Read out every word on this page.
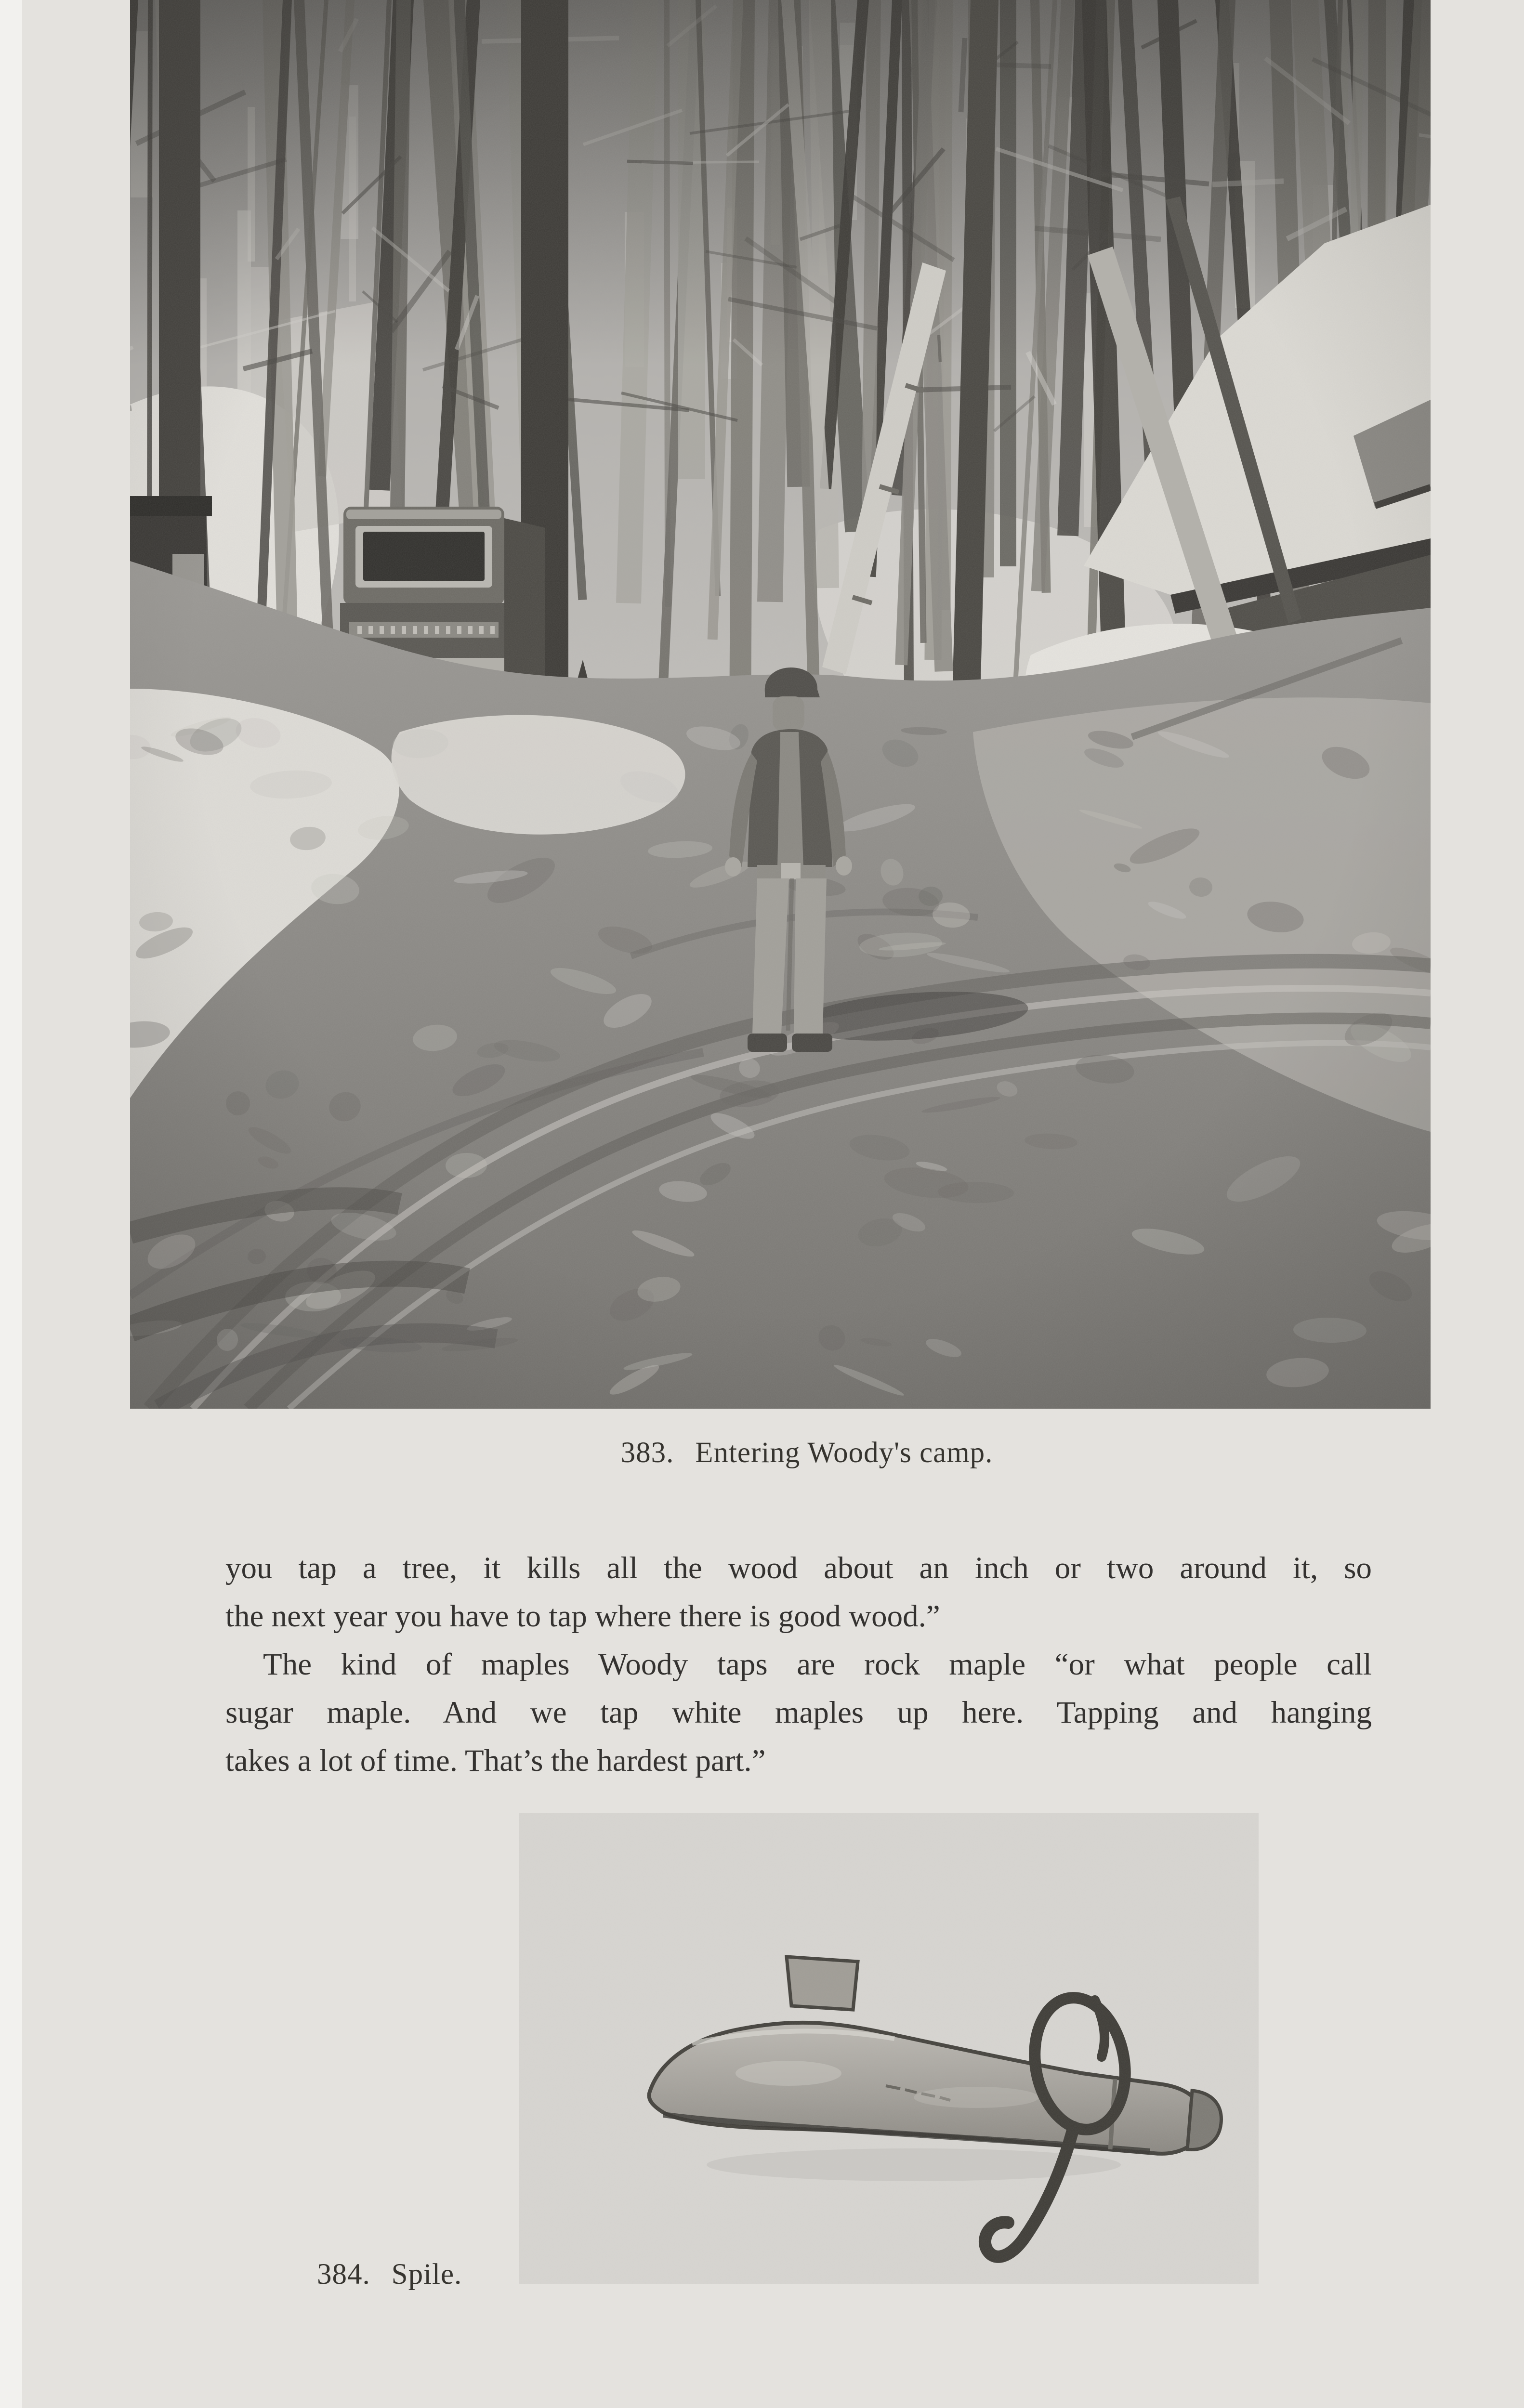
383. Entering Woody's camp.
you tap a tree, it kills all the wood about an inch or two around it, so
the next year you have to tap where there is good wood.”
The kind of maples Woody taps are rock maple “or what people call
sugar maple. And we tap white maples up here. Tapping and hanging
takes a lot of time. That’s the hardest part.”
384. Spile.
